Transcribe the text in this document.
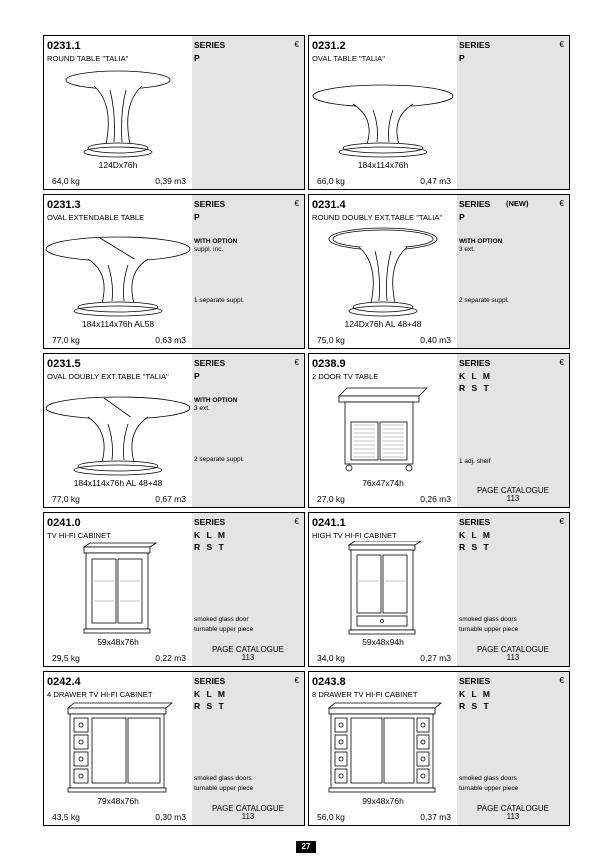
0231.1
ROUND TABLE "TALIA"
124Dx76h
64,0 kg	0,39 m3
SERIES	€
P
0231.2
OVAL TABLE "TALIA"
184x114x76h
66,0 kg	0,47 m3
SERIES	€
P
0231.3
OVAL EXTENDABLE TABLE
184x114x76h AL58
77,0 kg	0,63 m3
SERIES	€
P
WITH OPTION
suppl. inc.
1 separate suppl.
0231.4
ROUND DOUBLY EXT.TABLE "TALIA"
124Dx76h AL 48+48
75,0 kg	0,40 m3
SERIES (NEW)	€
P
WITH OPTION
3 ext.
2 separate suppl.
0231.5
OVAL DOUBLY EXT.TABLE "TALIA"
184x114x76h AL 48+48
77,0 kg	0,67 m3
SERIES	€
P
WITH OPTION
3 ext.
2 separate suppl.
0238.9
2 DOOR TV TABLE
76x47x74h
27,0 kg	0,26 m3
SERIES	€
K L M
R S T
1 adj. shelf
PAGE CATALOGUE
113
0241.0
TV HI-FI CABINET
59x48x76h
29,5 kg	0,22 m3
SERIES	€
K L M
R S T
smoked glass door
turnable upper piece
PAGE CATALOGUE
113
0241.1
HIGH TV HI-FI CABINET
59x48x94h
34,0 kg	0,27 m3
SERIES	€
K L M
R S T
smoked glass doors
turnable upper piece
PAGE CATALOGUE
113
0242.4
4 DRAWER TV HI-FI CABINET
79x48x76h
43,5 kg	0,30 m3
SERIES	€
K L M
R S T
smoked glass doors
turnable upper piece
PAGE CATALOGUE
113
0243.8
8 DRAWER TV HI-FI CABINET
99x48x76h
56,0 kg	0,37 m3
SERIES	€
K L M
R S T
smoked glass doors
turnable upper piece
PAGE CATALOGUE
113
27
